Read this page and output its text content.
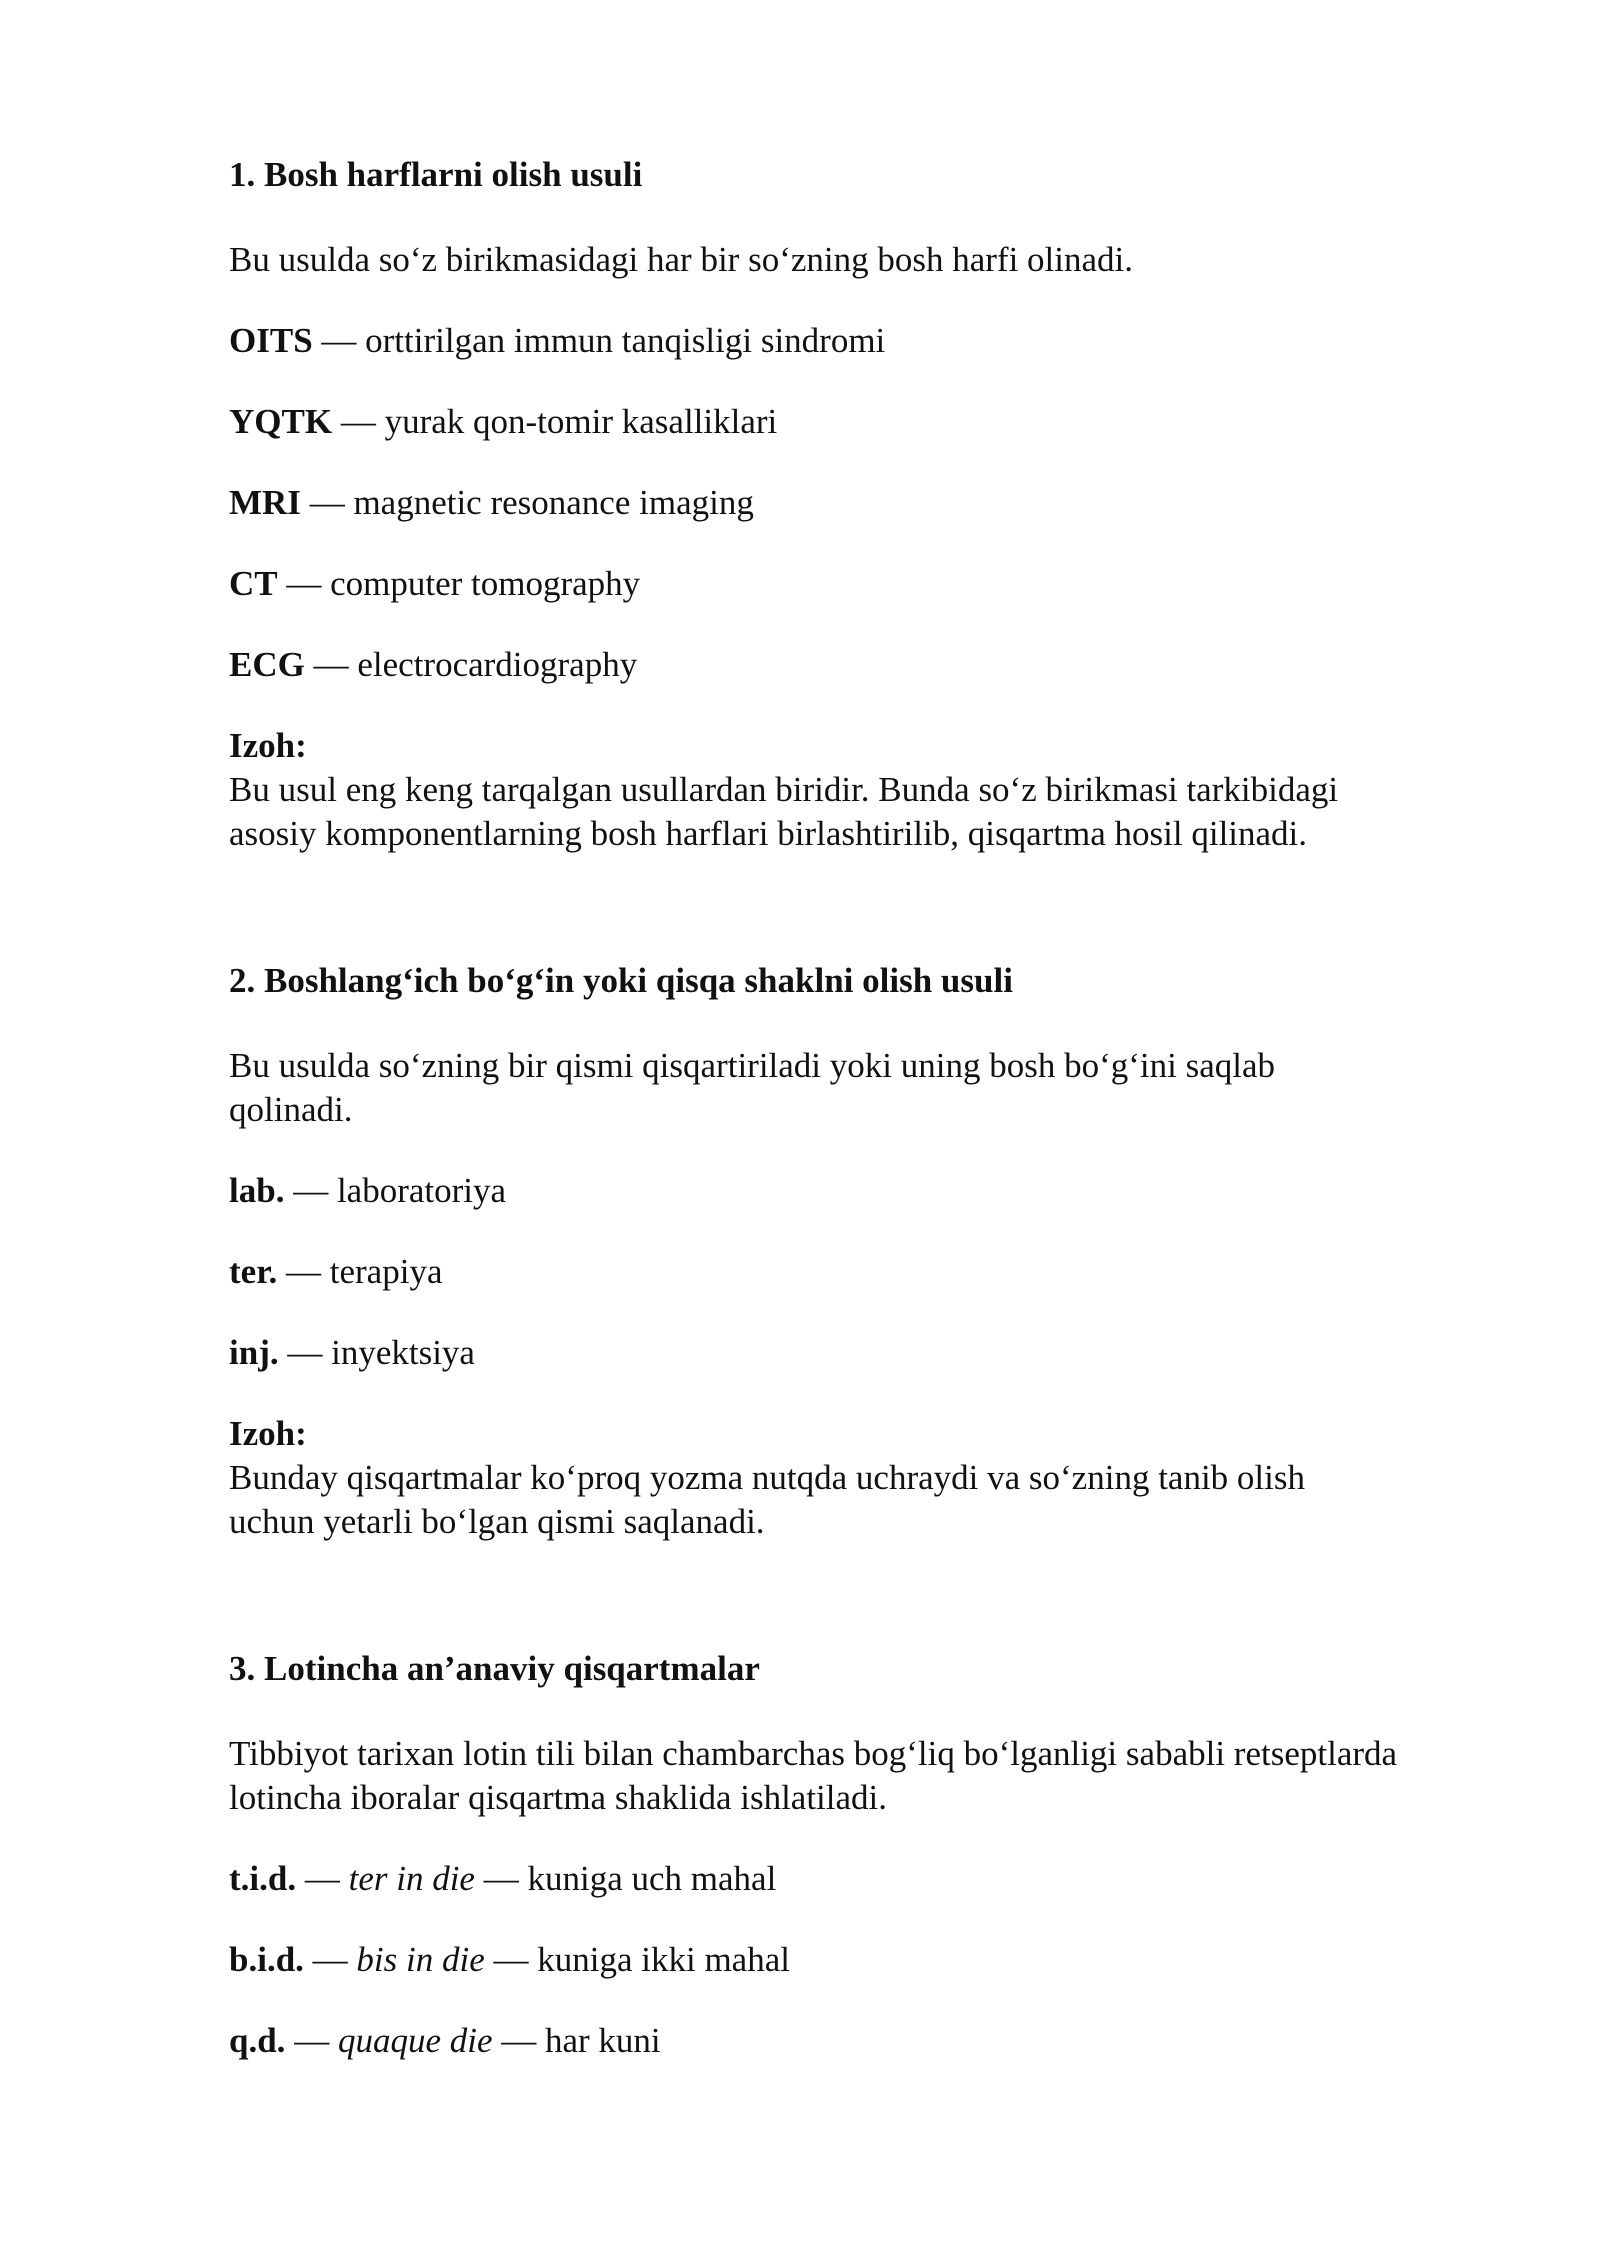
1. Bosh harflarni olish usuli
Bu usulda so‘z birikmasidagi har bir so‘zning bosh harfi olinadi.
OITS — orttirilgan immun tanqisligi sindromi
YQTK — yurak qon-tomir kasalliklari
MRI — magnetic resonance imaging
CT — computer tomography
ECG — electrocardiography
Izoh:
Bu usul eng keng tarqalgan usullardan biridir. Bunda so‘z birikmasi tarkibidagi
asosiy komponentlarning bosh harflari birlashtirilib, qisqartma hosil qilinadi.
2. Boshlang‘ich bo‘g‘in yoki qisqa shaklni olish usuli
Bu usulda so‘zning bir qismi qisqartiriladi yoki uning bosh bo‘g‘ini saqlab
qolinadi.
lab. — laboratoriya
ter. — terapiya
inj. — inyektsiya
Izoh:
Bunday qisqartmalar ko‘proq yozma nutqda uchraydi va so‘zning tanib olish
uchun yetarli bo‘lgan qismi saqlanadi.
3. Lotincha an’anaviy qisqartmalar
Tibbiyot tarixan lotin tili bilan chambarchas bog‘liq bo‘lganligi sababli retseptlarda
lotincha iboralar qisqartma shaklida ishlatiladi.
t.i.d. — ter in die — kuniga uch mahal
b.i.d. — bis in die — kuniga ikki mahal
q.d. — quaque die — har kuni
